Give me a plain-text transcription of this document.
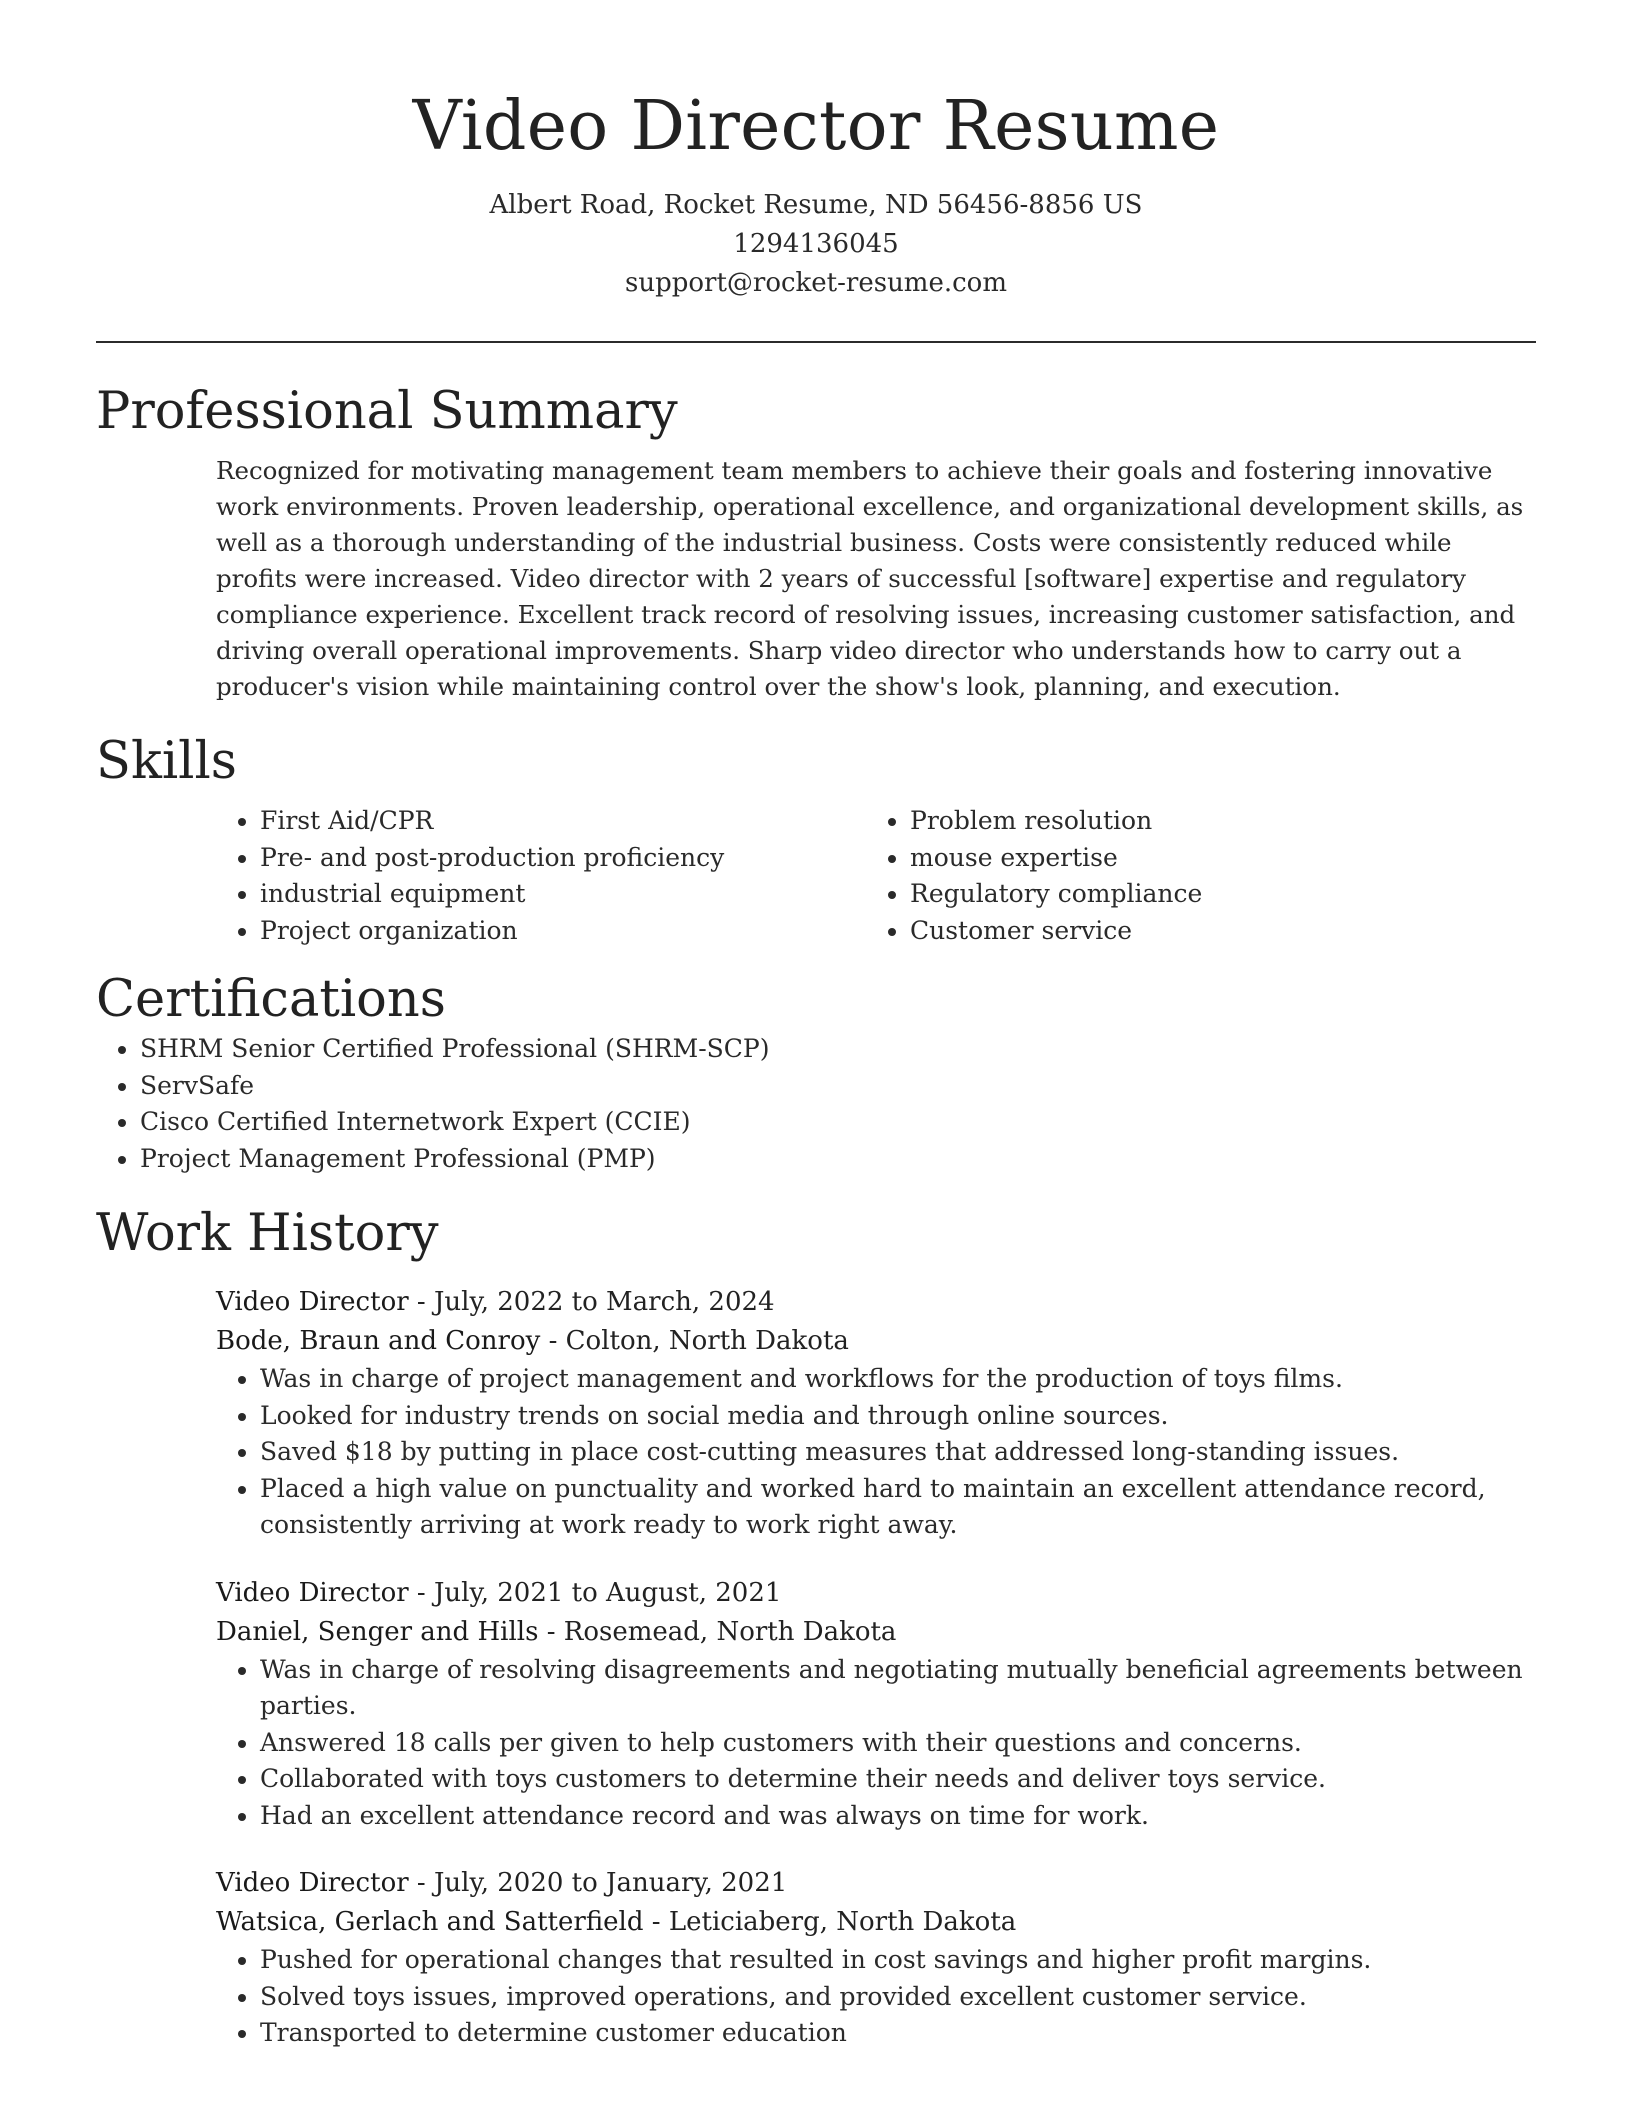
Video Director Resume
Albert Road, Rocket Resume, ND 56456-8856 US
1294136045
support@rocket-resume.com
Professional Summary

Recognized for motivating management team members to achieve their goals and fostering innovative work environments. Proven leadership, operational excellence, and organizational development skills, as well as a thorough understanding of the industrial business. Costs were consistently reduced while profits were increased. Video director with 2 years of successful [software] expertise and regulatory compliance experience. Excellent track record of resolving issues, increasing customer satisfaction, and driving overall operational improvements. Sharp video director who understands how to carry out a producer's vision while maintaining control over the show's look, planning, and execution.

Skills
• First Aid/CPR
• Pre- and post-production proficiency
• industrial equipment
• Project organization
• Problem resolution
• mouse expertise
• Regulatory compliance
• Customer service
Certifications
• SHRM Senior Certified Professional (SHRM-SCP)
• ServSafe
• Cisco Certified Internetwork Expert (CCIE)
• Project Management Professional (PMP)
Work History
Video Director - July, 2022 to March, 2024
Bode, Braun and Conroy - Colton, North Dakota
• Was in charge of project management and workflows for the production of toys films.
• Looked for industry trends on social media and through online sources.
• Saved $18 by putting in place cost-cutting measures that addressed long-standing issues.
• Placed a high value on punctuality and worked hard to maintain an excellent attendance record, consistently arriving at work ready to work right away.
Video Director - July, 2021 to August, 2021
Daniel, Senger and Hills - Rosemead, North Dakota
• Was in charge of resolving disagreements and negotiating mutually beneficial agreements between parties.
• Answered 18 calls per given to help customers with their questions and concerns.
• Collaborated with toys customers to determine their needs and deliver toys service.
• Had an excellent attendance record and was always on time for work.
Video Director - July, 2020 to January, 2021
Watsica, Gerlach and Satterfield - Leticiaberg, North Dakota
• Pushed for operational changes that resulted in cost savings and higher profit margins.
• Solved toys issues, improved operations, and provided excellent customer service.
• Transported to determine customer education
